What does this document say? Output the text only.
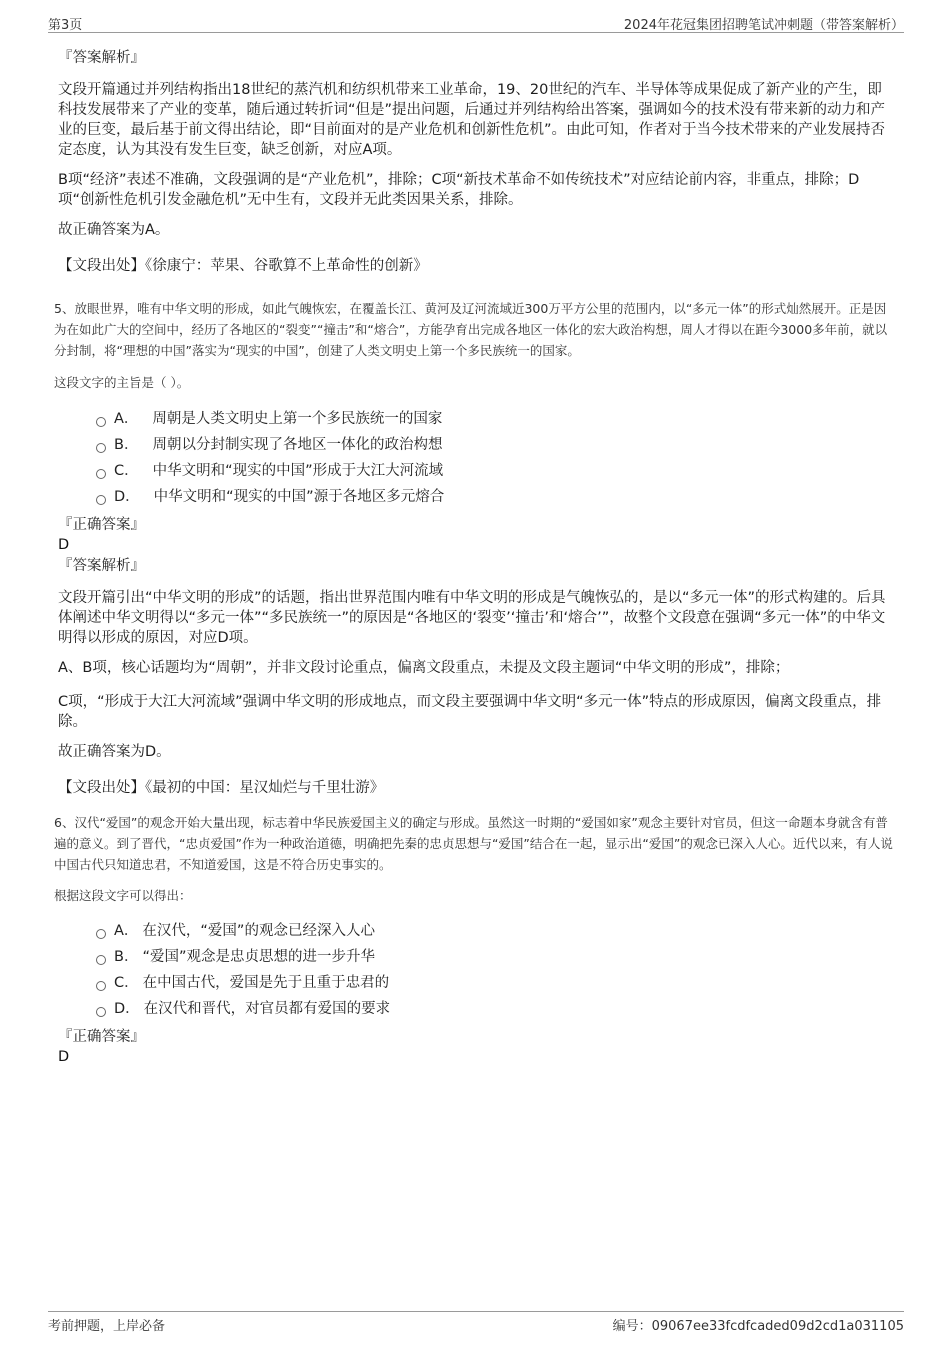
第3页	2024年花冠集团招聘笔试冲刺题（带答案解析）
『答案解析』

文段开篇通过并列结构指出18世纪的蒸汽机和纺织机带来工业革命，19、20世纪的汽车、半导体等成果促成了新产业的产生，即科技发展带来了产业的变革，随后通过转折词“但是”提出问题，后通过并列结构给出答案，强调如今的技术没有带来新的动力和产业的巨变，最后基于前文得出结论，即“目前面对的是产业危机和创新性危机”。由此可知，作者对于当今技术带来的产业发展持否定态度，认为其没有发生巨变，缺乏创新，对应A项。

B项“经济”表述不准确，文段强调的是“产业危机”，排除；C项“新技术革命不如传统技术”对应结论前内容，非重点，排除；D项“创新性危机引发金融危机”无中生有，文段并无此类因果关系，排除。

故正确答案为A。

【文段出处】《徐康宁：苹果、谷歌算不上革命性的创新》

5、放眼世界，唯有中华文明的形成，如此气魄恢宏，在覆盖长江、黄河及辽河流域近300万平方公里的范围内，以“多元一体”的形式灿然展开。正是因为在如此广大的空间中，经历了各地区的“裂变”“撞击”和“熔合”，方能孕育出完成各地区一体化的宏大政治构想，周人才得以在距今3000多年前，就以分封制，将“理想的中国”落实为“现实的中国”，创建了人类文明史上第一个多民族统一的国家。

这段文字的主旨是（ ）。

A． 周朝是人类文明史上第一个多民族统一的国家
B． 周朝以分封制实现了各地区一体化的政治构想
C． 中华文明和“现实的中国”形成于大江大河流域
D． 中华文明和“现实的中国”源于各地区多元熔合
『正确答案』
D
『答案解析』

文段开篇引出“中华文明的形成”的话题，指出世界范围内唯有中华文明的形成是气魄恢弘的，是以“多元一体”的形式构建的。后具体阐述中华文明得以“多元一体”“多民族统一”的原因是“各地区的‘裂变’‘撞击’和‘熔合’”，故整个文段意在强调“多元一体”的中华文明得以形成的原因，对应D项。

A、B项，核心话题均为“周朝”，并非文段讨论重点，偏离文段重点，未提及文段主题词“中华文明的形成”，排除；

C项，“形成于大江大河流域”强调中华文明的形成地点，而文段主要强调中华文明“多元一体”特点的形成原因，偏离文段重点，排除。

故正确答案为D。

【文段出处】《最初的中国：星汉灿烂与千里壮游》

6、汉代“爱国”的观念开始大量出现，标志着中华民族爱国主义的确定与形成。虽然这一时期的“爱国如家”观念主要针对官员，但这一命题本身就含有普遍的意义。到了晋代，“忠贞爱国”作为一种政治道德，明确把先秦的忠贞思想与“爱国”结合在一起，显示出“爱国”的观念已深入人心。近代以来，有人说中国古代只知道忠君，不知道爱国，这是不符合历史事实的。

根据这段文字可以得出：

A． 在汉代，“爱国”的观念已经深入人心
B． “爱国”观念是忠贞思想的进一步升华
C． 在中国古代，爱国是先于且重于忠君的
D． 在汉代和晋代，对官员都有爱国的要求
『正确答案』
D
考前押题，上岸必备	编号：09067ee33fcdfcaded09d2cd1a031105
